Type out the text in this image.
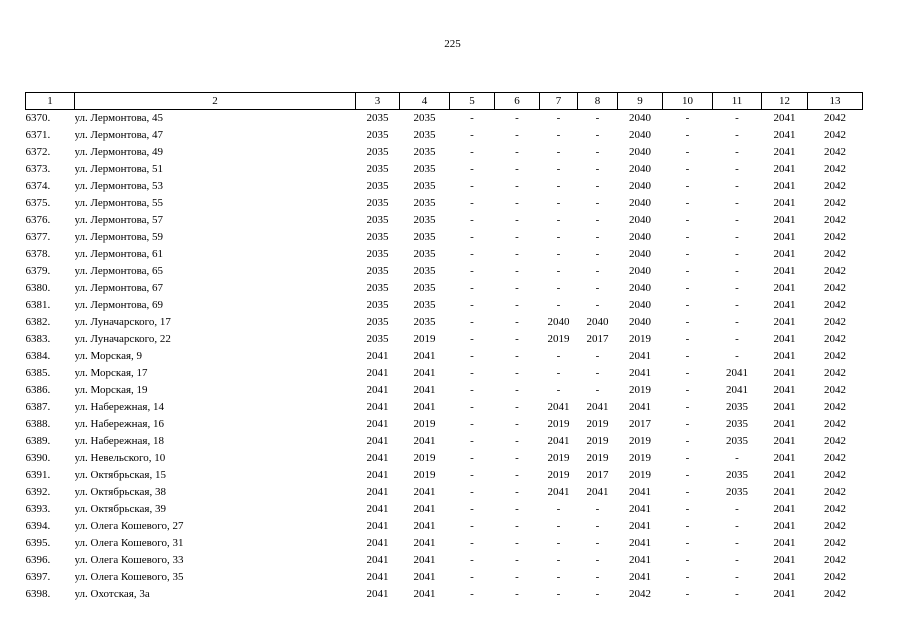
225
1	2	3	4	5	6	7	8	9	10	11	12	13
6370.	ул. Лермонтова, 45	2035	2035	-	-	-	-	2040	-	-	2041	2042
6371.	ул. Лермонтова, 47	2035	2035	-	-	-	-	2040	-	-	2041	2042
6372.	ул. Лермонтова, 49	2035	2035	-	-	-	-	2040	-	-	2041	2042
6373.	ул. Лермонтова, 51	2035	2035	-	-	-	-	2040	-	-	2041	2042
6374.	ул. Лермонтова, 53	2035	2035	-	-	-	-	2040	-	-	2041	2042
6375.	ул. Лермонтова, 55	2035	2035	-	-	-	-	2040	-	-	2041	2042
6376.	ул. Лермонтова, 57	2035	2035	-	-	-	-	2040	-	-	2041	2042
6377.	ул. Лермонтова, 59	2035	2035	-	-	-	-	2040	-	-	2041	2042
6378.	ул. Лермонтова, 61	2035	2035	-	-	-	-	2040	-	-	2041	2042
6379.	ул. Лермонтова, 65	2035	2035	-	-	-	-	2040	-	-	2041	2042
6380.	ул. Лермонтова, 67	2035	2035	-	-	-	-	2040	-	-	2041	2042
6381.	ул. Лермонтова, 69	2035	2035	-	-	-	-	2040	-	-	2041	2042
6382.	ул. Луначарского, 17	2035	2035	-	-	2040	2040	2040	-	-	2041	2042
6383.	ул. Луначарского, 22	2035	2019	-	-	2019	2017	2019	-	-	2041	2042
6384.	ул. Морская, 9	2041	2041	-	-	-	-	2041	-	-	2041	2042
6385.	ул. Морская, 17	2041	2041	-	-	-	-	2041	-	2041	2041	2042
6386.	ул. Морская, 19	2041	2041	-	-	-	-	2019	-	2041	2041	2042
6387.	ул. Набережная, 14	2041	2041	-	-	2041	2041	2041	-	2035	2041	2042
6388.	ул. Набережная, 16	2041	2019	-	-	2019	2019	2017	-	2035	2041	2042
6389.	ул. Набережная, 18	2041	2041	-	-	2041	2019	2019	-	2035	2041	2042
6390.	ул. Невельского, 10	2041	2019	-	-	2019	2019	2019	-	-	2041	2042
6391.	ул. Октябрьская, 15	2041	2019	-	-	2019	2017	2019	-	2035	2041	2042
6392.	ул. Октябрьская, 38	2041	2041	-	-	2041	2041	2041	-	2035	2041	2042
6393.	ул. Октябрьская, 39	2041	2041	-	-	-	-	2041	-	-	2041	2042
6394.	ул. Олега Кошевого, 27	2041	2041	-	-	-	-	2041	-	-	2041	2042
6395.	ул. Олега Кошевого, 31	2041	2041	-	-	-	-	2041	-	-	2041	2042
6396.	ул. Олега Кошевого, 33	2041	2041	-	-	-	-	2041	-	-	2041	2042
6397.	ул. Олега Кошевого, 35	2041	2041	-	-	-	-	2041	-	-	2041	2042
6398.	ул. Охотская, 3а	2041	2041	-	-	-	-	2042	-	-	2041	2042
